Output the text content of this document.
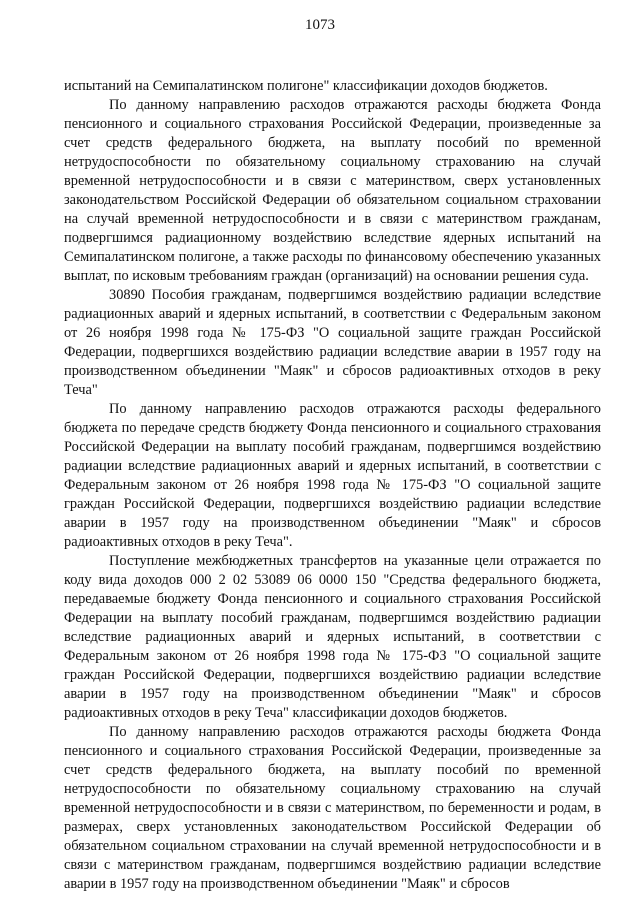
1073

испытаний на Семипалатинском полигоне" классификации доходов бюджетов.

По данному направлению расходов отражаются расходы бюджета Фонда пенсионного и социального страхования Российской Федерации, произведенные за счет средств федерального бюджета, на выплату пособий по временной нетрудоспособности по обязательному социальному страхованию на случай временной нетрудоспособности и в связи с материнством, сверх установленных законодательством Российской Федерации об обязательном социальном страховании на случай временной нетрудоспособности и в связи с материнством гражданам, подвергшимся радиационному воздействию вследствие ядерных испытаний на Семипалатинском полигоне, а также расходы по финансовому обеспечению указанных выплат, по исковым требованиям граждан (организаций) на основании решения суда.

30890 Пособия гражданам, подвергшимся воздействию радиации вследствие радиационных аварий и ядерных испытаний, в соответствии с Федеральным законом от 26 ноября 1998 года № 175-ФЗ "О социальной защите граждан Российской Федерации, подвергшихся воздействию радиации вследствие аварии в 1957 году на производственном объединении "Маяк" и сбросов радиоактивных отходов в реку Теча"

По данному направлению расходов отражаются расходы федерального бюджета по передаче средств бюджету Фонда пенсионного и социального страхования Российской Федерации на выплату пособий гражданам, подвергшимся воздействию радиации вследствие радиационных аварий и ядерных испытаний, в соответствии с Федеральным законом от 26 ноября 1998 года № 175-ФЗ "О социальной защите граждан Российской Федерации, подвергшихся воздействию радиации вследствие аварии в 1957 году на производственном объединении "Маяк" и сбросов радиоактивных отходов в реку Теча".

Поступление межбюджетных трансфертов на указанные цели отражается по коду вида доходов 000 2 02 53089 06 0000 150 "Средства федерального бюджета, передаваемые бюджету Фонда пенсионного и социального страхования Российской Федерации на выплату пособий гражданам, подвергшимся воздействию радиации вследствие радиационных аварий и ядерных испытаний, в соответствии с Федеральным законом от 26 ноября 1998 года № 175-ФЗ "О социальной защите граждан Российской Федерации, подвергшихся воздействию радиации вследствие аварии в 1957 году на производственном объединении "Маяк" и сбросов радиоактивных отходов в реку Теча" классификации доходов бюджетов.

По данному направлению расходов отражаются расходы бюджета Фонда пенсионного и социального страхования Российской Федерации, произведенные за счет средств федерального бюджета, на выплату пособий по временной нетрудоспособности по обязательному социальному страхованию на случай временной нетрудоспособности и в связи с материнством, по беременности и родам, в размерах, сверх установленных законодательством Российской Федерации об обязательном социальном страховании на случай временной нетрудоспособности и в связи с материнством гражданам, подвергшимся воздействию радиации вследствие аварии в 1957 году на производственном объединении "Маяк" и сбросов
